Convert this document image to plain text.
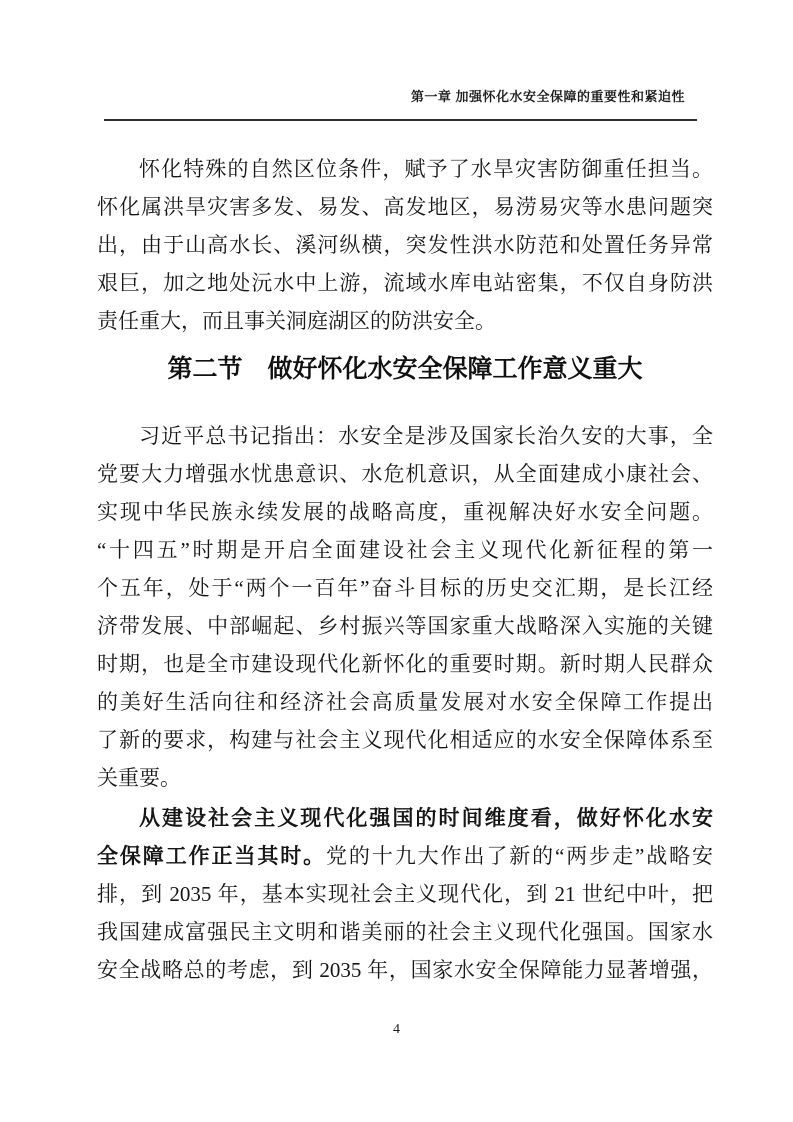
第一章 加强怀化水安全保障的重要性和紧迫性
怀化特殊的自然区位条件，赋予了水旱灾害防御重任担当。
怀化属洪旱灾害多发、易发、高发地区，易涝易灾等水患问题突
出，由于山高水长、溪河纵横，突发性洪水防范和处置任务异常
艰巨，加之地处沅水中上游，流域水库电站密集，不仅自身防洪
责任重大，而且事关洞庭湖区的防洪安全。
第二节　做好怀化水安全保障工作意义重大
习近平总书记指出：水安全是涉及国家长治久安的大事，全
党要大力增强水忧患意识、水危机意识，从全面建成小康社会、
实现中华民族永续发展的战略高度，重视解决好水安全问题。
“十四五”时期是开启全面建设社会主义现代化新征程的第一
个五年，处于“两个一百年”奋斗目标的历史交汇期，是长江经
济带发展、中部崛起、乡村振兴等国家重大战略深入实施的关键
时期，也是全市建设现代化新怀化的重要时期。新时期人民群众
的美好生活向往和经济社会高质量发展对水安全保障工作提出
了新的要求，构建与社会主义现代化相适应的水安全保障体系至
关重要。
从建设社会主义现代化强国的时间维度看，做好怀化水安
全保障工作正当其时。党的十九大作出了新的“两步走”战略安
排，到 2035 年，基本实现社会主义现代化，到 21 世纪中叶，把
我国建成富强民主文明和谐美丽的社会主义现代化强国。国家水
安全战略总的考虑，到 2035 年，国家水安全保障能力显著增强，
4
